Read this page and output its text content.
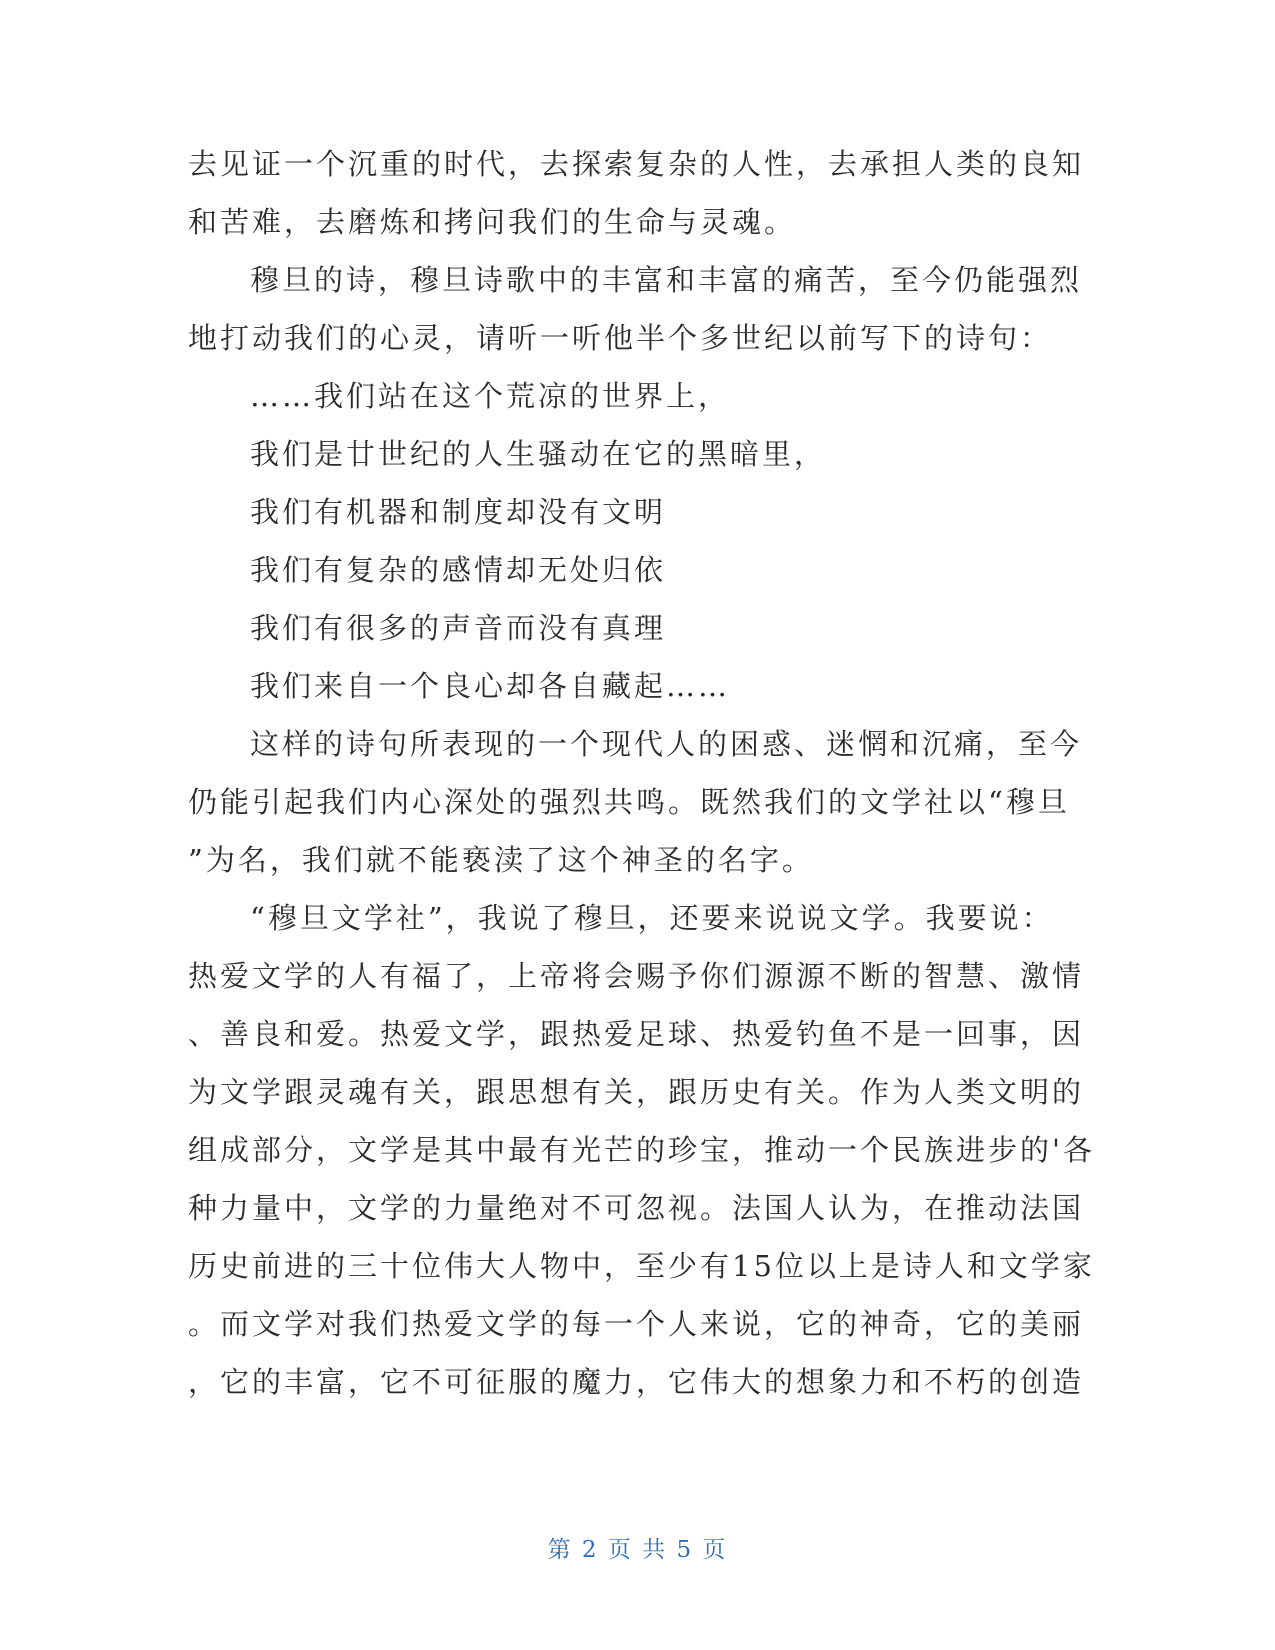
去见证一个沉重的时代，去探索复杂的人性，去承担人类的良知
和苦难，去磨炼和拷问我们的生命与灵魂。
穆旦的诗，穆旦诗歌中的丰富和丰富的痛苦，至今仍能强烈
地打动我们的心灵，请听一听他半个多世纪以前写下的诗句：
……我们站在这个荒凉的世界上，
我们是廿世纪的人生骚动在它的黑暗里，
我们有机器和制度却没有文明
我们有复杂的感情却无处归依
我们有很多的声音而没有真理
我们来自一个良心却各自藏起……
这样的诗句所表现的一个现代人的困惑、迷惘和沉痛，至今
仍能引起我们内心深处的强烈共鸣。既然我们的文学社以“穆旦
”为名，我们就不能亵渎了这个神圣的名字。
“穆旦文学社”，我说了穆旦，还要来说说文学。我要说：
热爱文学的人有福了，上帝将会赐予你们源源不断的智慧、激情
、善良和爱。热爱文学，跟热爱足球、热爱钓鱼不是一回事，因
为文学跟灵魂有关，跟思想有关，跟历史有关。作为人类文明的
组成部分，文学是其中最有光芒的珍宝，推动一个民族进步的'各
种力量中，文学的力量绝对不可忽视。法国人认为，在推动法国
历史前进的三十位伟大人物中，至少有15位以上是诗人和文学家
。而文学对我们热爱文学的每一个人来说，它的神奇，它的美丽
，它的丰富，它不可征服的魔力，它伟大的想象力和不朽的创造
第 2 页 共 5 页
